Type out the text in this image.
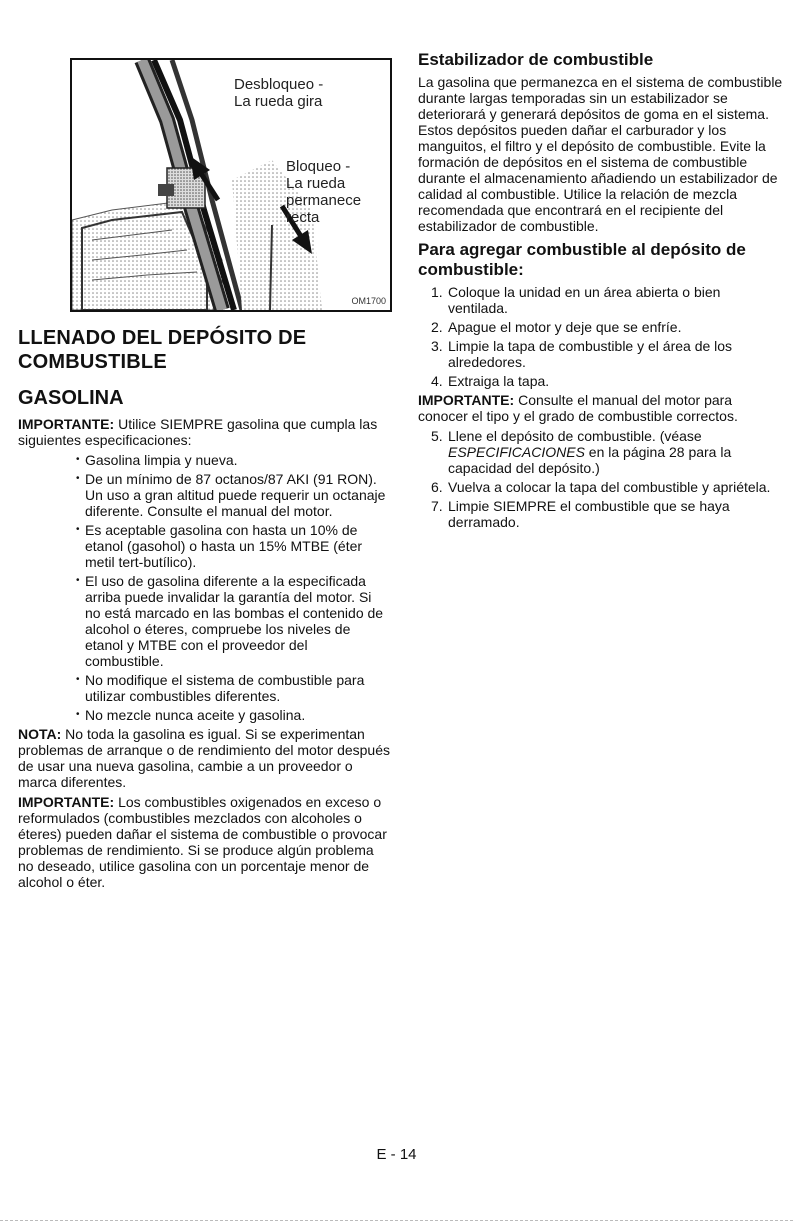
Desbloqueo -
La rueda gira
Bloqueo -
La rueda
permanece
recta
OM1700
LLENADO DEL DEPÓSITO DE
COMBUSTIBLE
GASOLINA

IMPORTANTE: Utilice SIEMPRE gasolina que cumpla las siguientes especificaciones:

• Gasolina limpia y nueva.
• De un mínimo de 87 octanos/87 AKI (91 RON). Un uso a gran altitud puede requerir un octanaje diferente. Consulte el manual del motor.
• Es aceptable gasolina con hasta un 10% de etanol (gasohol) o hasta un 15% MTBE (éter metil tert-butílico).
• El uso de gasolina diferente a la especificada arriba puede invalidar la garantía del motor. Si no está marcado en las bombas el contenido de alcohol o éteres, compruebe los niveles de etanol y MTBE con el proveedor del combustible.
• No modifique el sistema de combustible para utilizar combustibles diferentes.
• No mezcle nunca aceite y gasolina.

NOTA: No toda la gasolina es igual. Si se experimentan problemas de arranque o de rendimiento del motor después de usar una nueva gasolina, cambie a un proveedor o marca diferentes.

IMPORTANTE: Los combustibles oxigenados en exceso o reformulados (combustibles mezclados con alcoholes o éteres) pueden dañar el sistema de combustible o provocar problemas de rendimiento. Si se produce algún problema no deseado, utilice gasolina con un porcentaje menor de alcohol o éter.

Estabilizador de combustible

La gasolina que permanezca en el sistema de combustible durante largas temporadas sin un estabilizador se deteriorará y generará depósitos de goma en el sistema. Estos depósitos pueden dañar el carburador y los manguitos, el filtro y el depósito de combustible. Evite la formación de depósitos en el sistema de combustible durante el almacenamiento añadiendo un estabilizador de calidad al combustible. Utilice la relación de mezcla recomendada que encontrará en el recipiente del estabilizador de combustible.

Para agregar combustible al depósito de combustible:
1. Coloque la unidad en un área abierta o bien ventilada.
2. Apague el motor y deje que se enfríe.
3. Limpie la tapa de combustible y el área de los alrededores.
4. Extraiga la tapa.

IMPORTANTE: Consulte el manual del motor para conocer el tipo y el grado de combustible correctos.

5. Llene el depósito de combustible. (véase ESPECIFICACIONES en la página 28 para la capacidad del depósito.)
6. Vuelva a colocar la tapa del combustible y apriétela.
7. Limpie SIEMPRE el combustible que se haya derramado.
E - 14
